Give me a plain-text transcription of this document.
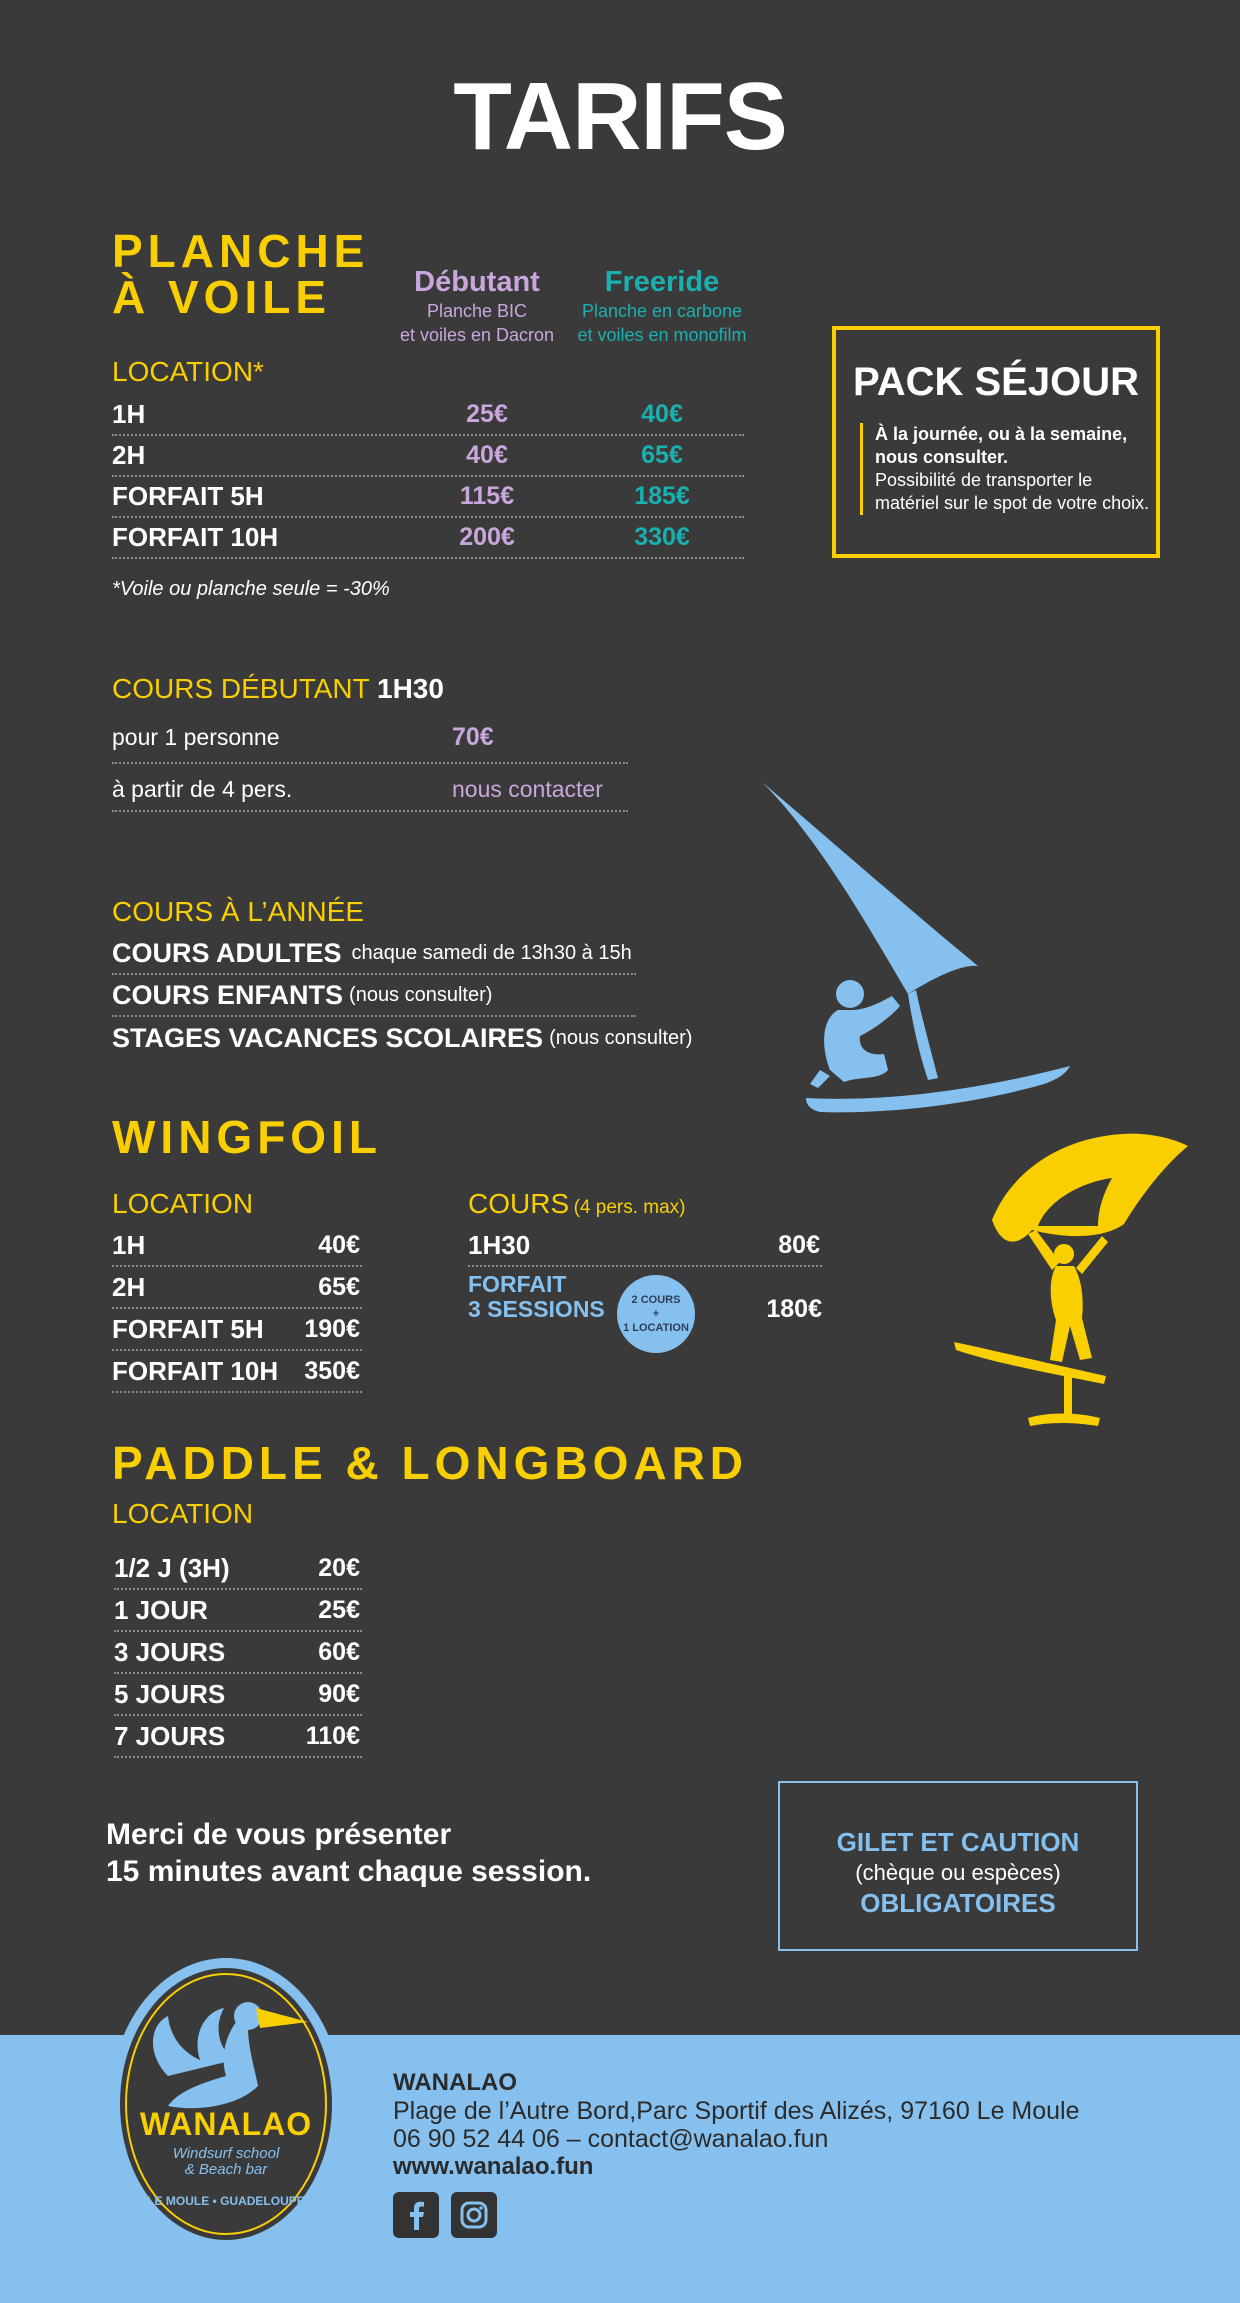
TARIFS
PLANCHE
À VOILE	Débutant
Planche BIC
et voiles en Dacron
Freeride
Planche en carbone
et voiles en monofilm
LOCATION*
1H	25€	40€
2H	40€	65€
FORFAIT 5H	115€	185€
FORFAIT 10H	200€	330€
*Voile ou planche seule = -30%
PACK SÉJOUR
À la journée, ou à la semaine,
nous consulter.
Possibilité de transporter le
matériel sur le spot de votre choix.
COURS DÉBUTANT 1H30
pour 1 personne	70€
à partir de 4 pers.	nous contacter
COURS À L’ANNÉE
COURS ADULTES chaque samedi de 13h30 à 15h
COURS ENFANTS (nous consulter)
STAGES VACANCES SCOLAIRES (nous consulter)
WINGFOIL
LOCATION
1H	40€
2H	65€
FORFAIT 5H 190€
FORFAIT 10H 350€
COURS (4 pers. max)
1H30	80€
FORFAIT
3 SESSIONS 2 COURS
+
1 LOCATION
180€
PADDLE & LONGBOARD
LOCATION
1/2 J (3H)	20€
1 JOUR	25€
3 JOURS	60€
5 JOURS	90€
7 JOURS	110€
Merci de vous présenter
15 minutes avant chaque session.
GILET ET CAUTION
(chèque ou espèces)
OBLIGATOIRES
WANALAO
Plage de l’Autre Bord,Parc Sportif des Alizés, 97160 Le Moule
06 90 52 44 06 – contact@wanalao.fun
www.wanalao.fun
WANALAO
Windsurf school
& Beach bar
LE MOULE • GUADELOUPE
